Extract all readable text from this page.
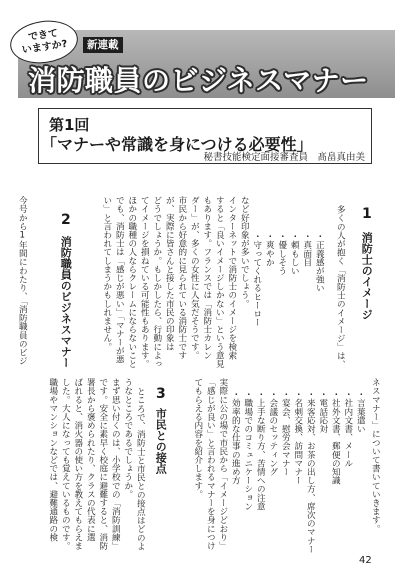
できて
いますか?	新連載
消防職員のビジネスマナー
第1回
「マナーや常識を身につける必要性」
秘書技能検定面接審査員　髙畠真由美
1
消防士のイメージ
多くの人が抱く「消防士のイメージ」は、
・正義感が強い
・真面目
・頼もしい
・優しそう
・爽やか
・守ってくれるヒーロー
など好印象が多いでしょう。
インターネットで消防士のイメージを検索
すると「良いイメージしかない」という意見
もあります。フランスでは「消防士カレン
ダー」が、多くの女性に人気だそうです。
市民から好意的に見られている消防士です
が、実際に皆さんと接した市民の印象は
どうでしょうか。もしかしたら、行動によっ
てイメージを損ねている可能性もあります。
ほかの職種の人ならクレームにならないこと
でも、消防士は「感じが悪い」「マナーが悪
い」と言われてしまうかもしれません。
2
消防職員のビジネスマナー
今号から1年間にわたり、「消防職員のビジ
ネスマナー」について書いていきます。
・言葉遣い
・社内文書、メール
・社外文書、郵便の知識
・電話応対
・来客応対、お茶の出し方、席次のマナー
・名刺交換、訪問マナー
・宴会、慰労会マナー
・会議のセッティング
・上手な断り方、苦情への注意
・職場でのコミュニケーション
・効率的な仕事の進め方
実際に公の場で市民から「イメージどおり」
「感じが良い」と言われるマナーを身につけ
てもらえる内容を紹介します。
3
市民との接点
ところで、消防士と市民との接点はどのよ
うなところであるでしょうか。
まず思い付くのは、小学校での「消防訓練」
です。安全に素早く校庭に避難すると、消防
署長から褒められたり、クラスの代表に選
ばれると、消火器の使い方を教えてもらえま
した。大人になっても覚えているものです。
職場やマンションなどでは、避難通路の検
42
